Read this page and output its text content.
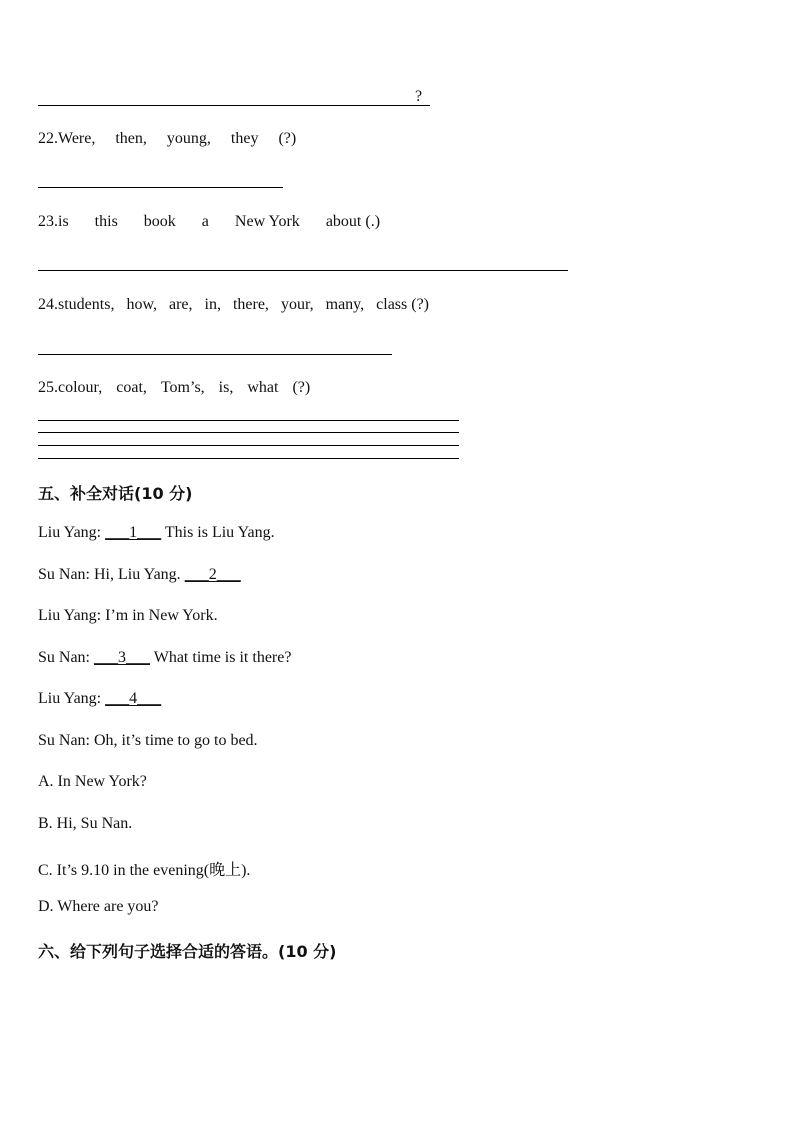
?
22.Were, then, young, they (?)
23.is this book a New York about (.)
24.students, how, are, in, there, your, many, class (?)
25.colour, coat, Tom’s, is, what (?)
五、补全对话(10 分)
Liu Yang: ___1___ This is Liu Yang.
Su Nan: Hi, Liu Yang. ___2___
Liu Yang: I’m in New York.
Su Nan: ___3___ What time is it there?
Liu Yang: ___4___
Su Nan: Oh, it’s time to go to bed.
A. In New York?
B. Hi, Su Nan.
C. It’s 9.10 in the evening(晚上).
D. Where are you?
六、给下列句子选择合适的答语。(10 分)
